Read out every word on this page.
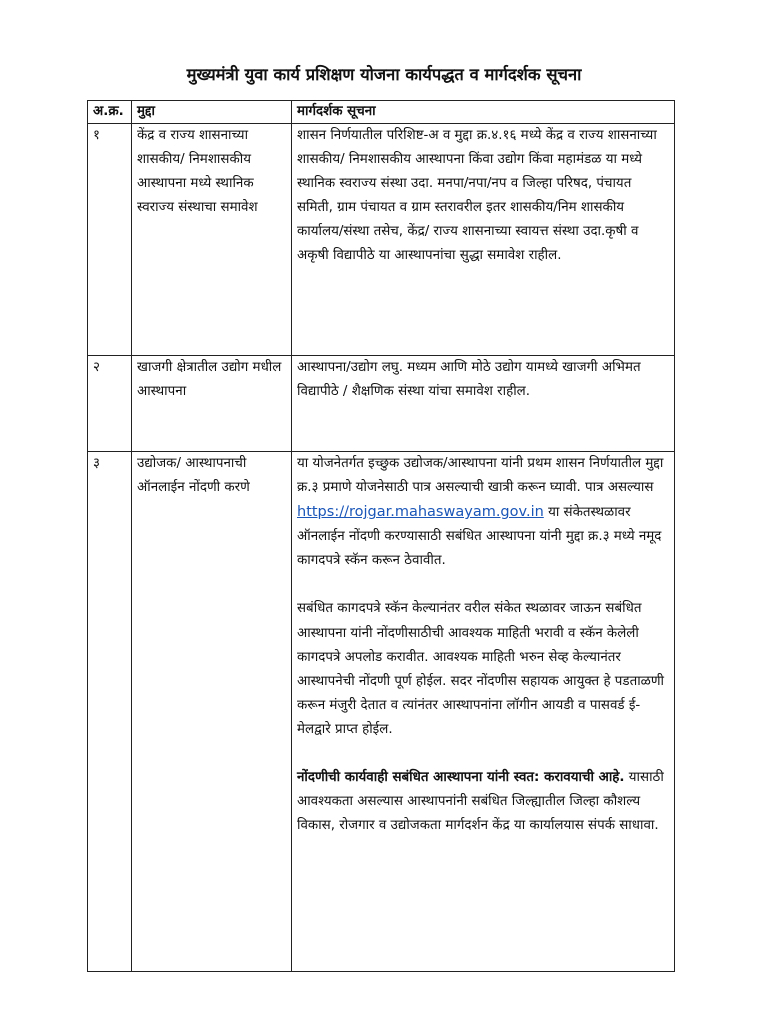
मुख्यमंत्री युवा कार्य प्रशिक्षण योजना कार्यपद्धत व मार्गदर्शक सूचना
अ.क्र.	मुद्दा	मार्गदर्शक सूचना
१	केंद्र व राज्य शासनाच्या शासकीय/ निमशासकीय आस्थापना मध्ये स्थानिक स्वराज्य संस्थाचा समावेश	शासन निर्णयातील परिशिष्ट-अ व मुद्दा क्र.४.१६ मध्ये केंद्र व राज्य शासनाच्या शासकीय/ निमशासकीय आस्थापना किंवा उद्योग किंवा महामंडळ या मध्ये स्थानिक स्वराज्य संस्था उदा. मनपा/नपा/नप व जिल्हा परिषद, पंचायत समिती, ग्राम पंचायत व ग्राम स्तरावरील इतर शासकीय/निम शासकीय कार्यालय/संस्था तसेच, केंद्र/ राज्य शासनाच्या स्वायत्त संस्था उदा.कृषी व अकृषी विद्यापीठे या आस्थापनांचा सुद्धा समावेश राहील.
२	खाजगी क्षेत्रातील उद्योग मधील आस्थापना	आस्थापना/उद्योग लघु. मध्यम आणि मोठे उद्योग यामध्ये खाजगी अभिमत विद्यापीठे / शैक्षणिक संस्था यांचा समावेश राहील.
३	उद्योजक/ आस्थापनाची ऑनलाईन नोंदणी करणे	या योजनेतर्गत इच्छुक उद्योजक/आस्थापना यांनी प्रथम शासन निर्णयातील मुद्दा क्र.३ प्रमाणे योजनेसाठी पात्र असल्याची खात्री करून घ्यावी. पात्र असल्यास https://rojgar.mahaswayam.gov.in या संकेतस्थळावर ऑनलाईन नोंदणी करण्यासाठी सबंधित आस्थापना यांनी मुद्दा क्र.३ मध्ये नमूद कागदपत्रे स्कॅन करून ठेवावीत.

सबंधित कागदपत्रे स्कॅन केल्यानंतर वरील संकेत स्थळावर जाऊन सबंधित आस्थापना यांनी नोंदणीसाठीची आवश्यक माहिती भरावी व स्कॅन केलेली कागदपत्रे अपलोड करावीत. आवश्यक माहिती भरुन सेव्ह केल्यानंतर आस्थापनेची नोंदणी पूर्ण होईल. सदर नोंदणीस सहायक आयुक्त हे पडताळणी करून मंजुरी देतात व त्यांनंतर आस्थापनांना लॉगीन आयडी व पासवर्ड ई-मेलद्वारे प्राप्त होईल.

नोंदणीची कार्यवाही सबंधित आस्थापना यांनी स्वत: करावयाची आहे. यासाठी आवश्यकता असल्यास आस्थापनांनी सबंधित जिल्ह्यातील जिल्हा कौशल्य विकास, रोजगार व उद्योजकता मार्गदर्शन केंद्र या कार्यालयास संपर्क साधावा.
